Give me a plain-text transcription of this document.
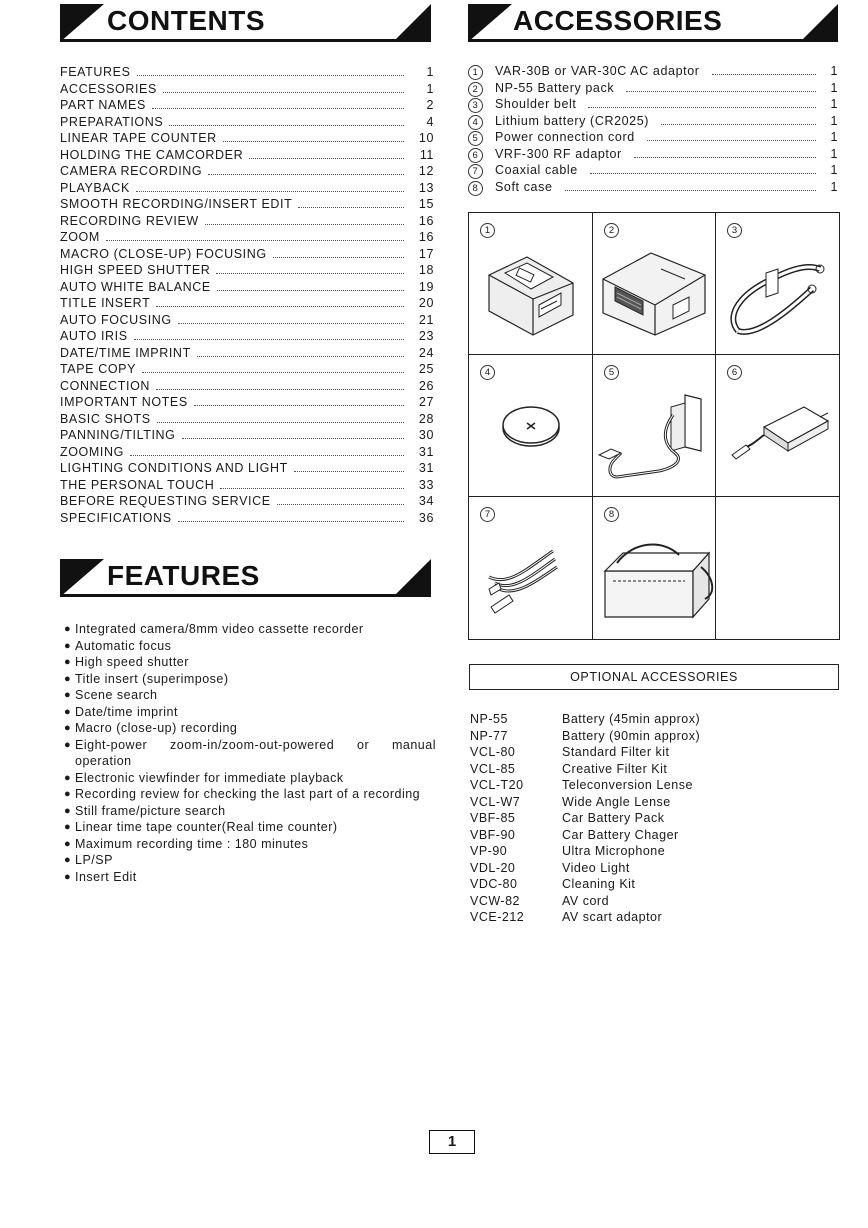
CONTENTS	ACCESSORIES
FEATURES	1
ACCESSORIES	1
PART NAMES	2
PREPARATIONS	4
LINEAR TAPE COUNTER	10
HOLDING THE CAMCORDER	11
CAMERA RECORDING	12
PLAYBACK	13
SMOOTH RECORDING/INSERT EDIT	15
RECORDING REVIEW	16
ZOOM	16
MACRO (CLOSE-UP) FOCUSING	17
HIGH SPEED SHUTTER	18
AUTO WHITE BALANCE	19
TITLE INSERT	20
AUTO FOCUSING	21
AUTO IRIS	23
DATE/TIME IMPRINT	24
TAPE COPY	25
CONNECTION	26
IMPORTANT NOTES	27
BASIC SHOTS	28
PANNING/TILTING	30
ZOOMING	31
LIGHTING CONDITIONS AND LIGHT	31
THE PERSONAL TOUCH	33
BEFORE REQUESTING SERVICE	34
SPECIFICATIONS	36
1	VAR-30B or VAR-30C AC adaptor	1
2	NP-55 Battery pack	1
3	Shoulder belt	1
4	Lithium battery (CR2025)	1
5	Power connection cord	1
6	VRF-300 RF adaptor	1
7	Coaxial cable	1
8	Soft case	1
1	2	3
4	5	6
7	8
OPTIONAL ACCESSORIES
NP-55	Battery (45min approx)
NP-77	Battery (90min approx)
VCL-80	Standard Filter kit
VCL-85	Creative Filter Kit
VCL-T20	Teleconversion Lense
VCL-W7	Wide Angle Lense
VBF-85	Car Battery Pack
VBF-90	Car Battery Chager
VP-90	Ultra Microphone
VDL-20	Video Light
VDC-80	Cleaning Kit
VCW-82	AV cord
VCE-212	AV scart adaptor
FEATURES
● Integrated camera/8mm video cassette recorder
● Automatic focus
● High speed shutter
● Title insert (superimpose)
● Scene search
● Date/time imprint
● Macro (close-up) recording
● Eight-power zoom-in/zoom-out-powered or manual
operation
● Electronic viewfinder for immediate playback
● Recording review for checking the last part of a recording
● Still frame/picture search
● Linear time tape counter(Real time counter)
● Maximum recording time : 180 minutes
● LP/SP
● Insert Edit
1
